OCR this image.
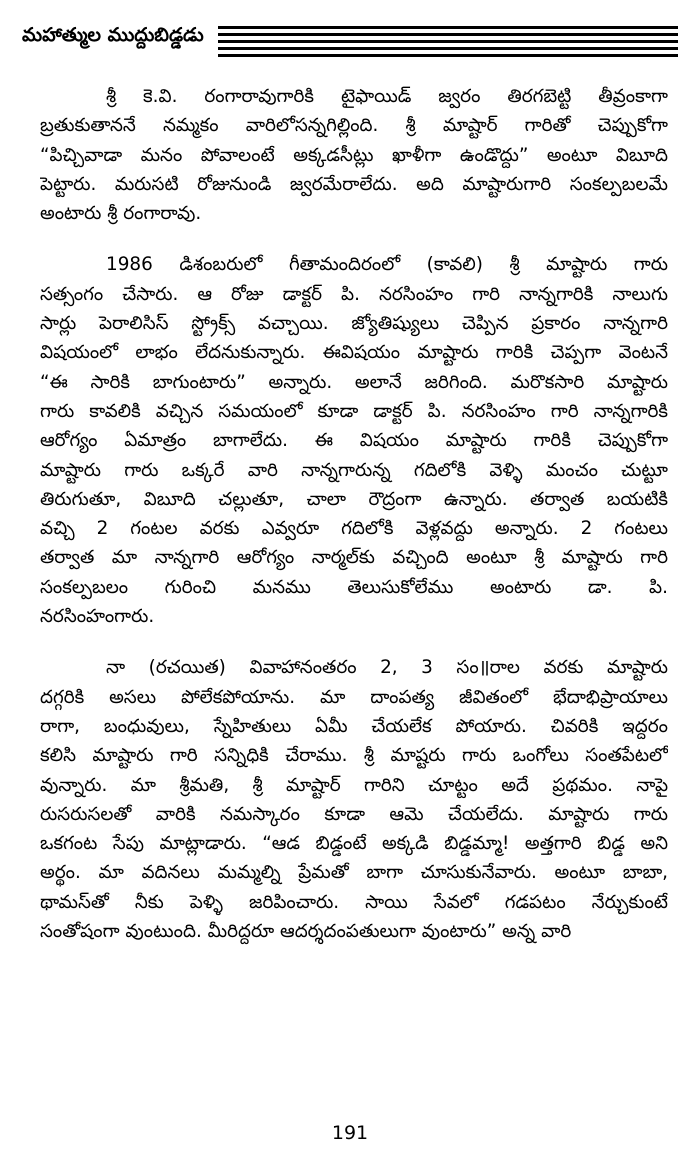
మహాత్ముల ముద్దుబిడ్డడు

శ్రీ కె.వి. రంగారావుగారికి టైఫాయిడ్ జ్వరం తిరగబెట్టి తీవ్రంకాగా
బ్రతుకుతాననే నమ్మకం వారిలోసన్నగిల్లింది. శ్రీ మాష్టార్ గారితో చెప్పుకోగా
“పిచ్చివాడా మనం పోవాలంటే అక్కడసీట్లు ఖాళీగా ఉండొద్దు” అంటూ విబూది
పెట్టారు. మరుసటి రోజునుండి జ్వరమేరాలేదు. అది మాష్టారుగారి సంకల్పబలమే
అంటారు శ్రీ రంగారావు.

1986 డిశంబరులో గీతామందిరంలో (కావలి) శ్రీ మాష్టారు గారు
సత్సంగం చేసారు. ఆ రోజు డాక్టర్ పి. నరసింహం గారి నాన్నగారికి నాలుగు
సార్లు పెరాలిసిస్ స్ట్రోక్స్ వచ్చాయి. జ్యోతిష్యులు చెప్పిన ప్రకారం నాన్నగారి
విషయంలో లాభం లేదనుకున్నారు. ఈవిషయం మాష్టారు గారికి చెప్పగా వెంటనే
“ఈ సారికి బాగుంటారు” అన్నారు. అలానే జరిగింది. మరొకసారి మాష్టారు
గారు కావలికి వచ్చిన సమయంలో కూడా డాక్టర్ పి. నరసింహం గారి నాన్నగారికి
ఆరోగ్యం ఏమాత్రం బాగాలేదు. ఈ విషయం మాష్టారు గారికి చెప్పుకోగా
మాష్టారు గారు ఒక్కరే వారి నాన్నగారున్న గదిలోకి వెళ్ళి మంచం చుట్టూ
తిరుగుతూ, విబూది చల్లుతూ, చాలా రౌద్రంగా ఉన్నారు. తర్వాత బయటికి
వచ్చి 2 గంటల వరకు ఎవ్వరూ గదిలోకి వెళ్లవద్దు అన్నారు. 2 గంటలు
తర్వాత మా నాన్నగారి ఆరోగ్యం నార్మల్‌కు వచ్చింది అంటూ శ్రీ మాష్టారు గారి
సంకల్పబలం గురించి మనము తెలుసుకోలేము అంటారు డా. పి.
నరసింహంగారు.

నా (రచయిత) వివాహానంతరం 2, 3 సం॥రాల వరకు మాష్టారు
దగ్గరికి అసలు పోలేకపోయాను. మా దాంపత్య జీవితంలో భేదాభిప్రాయాలు
రాగా, బంధువులు, స్నేహితులు ఏమీ చేయలేక పోయారు. చివరికి ఇద్దరం
కలిసి మాష్టారు గారి సన్నిధికి చేరాము. శ్రీ మాష్టరు గారు ఒంగోలు సంతపేటలో
వున్నారు. మా శ్రీమతి, శ్రీ మాష్టార్ గారిని చూట్టం అదే ప్రథమం. నాపై
రుసరుసలతో వారికి నమస్కారం కూడా ఆమె చేయలేదు. మాష్టారు గారు
ఒకగంట సేపు మాట్లాడారు. “ఆడ బిడ్డంటే అక్కడి బిడ్డమ్మా! అత్తగారి బిడ్డ అని
అర్థం. మా వదినలు మమ్మల్ని ప్రేమతో బాగా చూసుకునేవారు. అంటూ బాబా,
థామస్‌తో నీకు పెళ్ళి జరిపించారు. సాయి సేవలో గడపటం నేర్చుకుంటే
సంతోషంగా వుంటుంది. మీరిద్దరూ ఆదర్శదంపతులుగా వుంటారు” అన్న వారి

191
